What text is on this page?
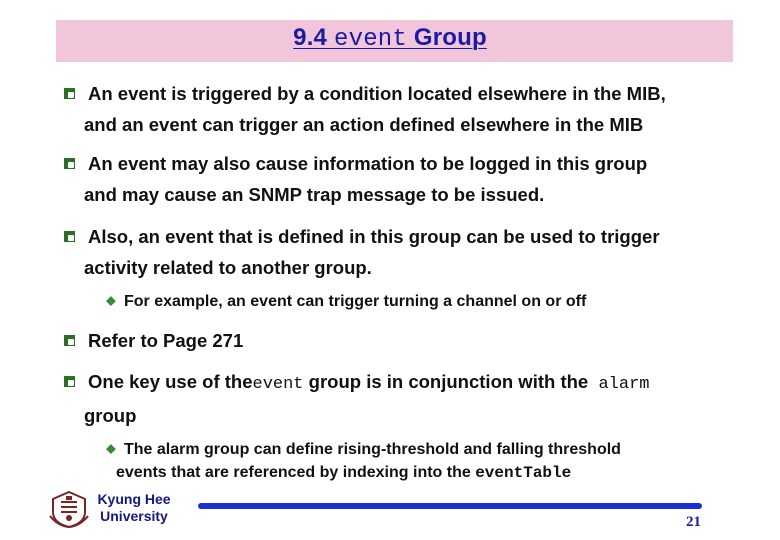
9.4 event Group
An event is triggered by a condition located elsewhere in the MIB,
and an event can trigger an action defined elsewhere in the MIB
An event may also cause information to be logged in this group
and may cause an SNMP trap message to be issued.
Also, an event that is defined in this group can be used to trigger
activity related to another group.
For example, an event can trigger turning a channel on or off
Refer to Page 271
One key use of the event group is in conjunction with the
alarm
group
The alarm group can define rising-threshold and falling threshold
events that are referenced by indexing into the eventTable
Kyung Hee
University	21
